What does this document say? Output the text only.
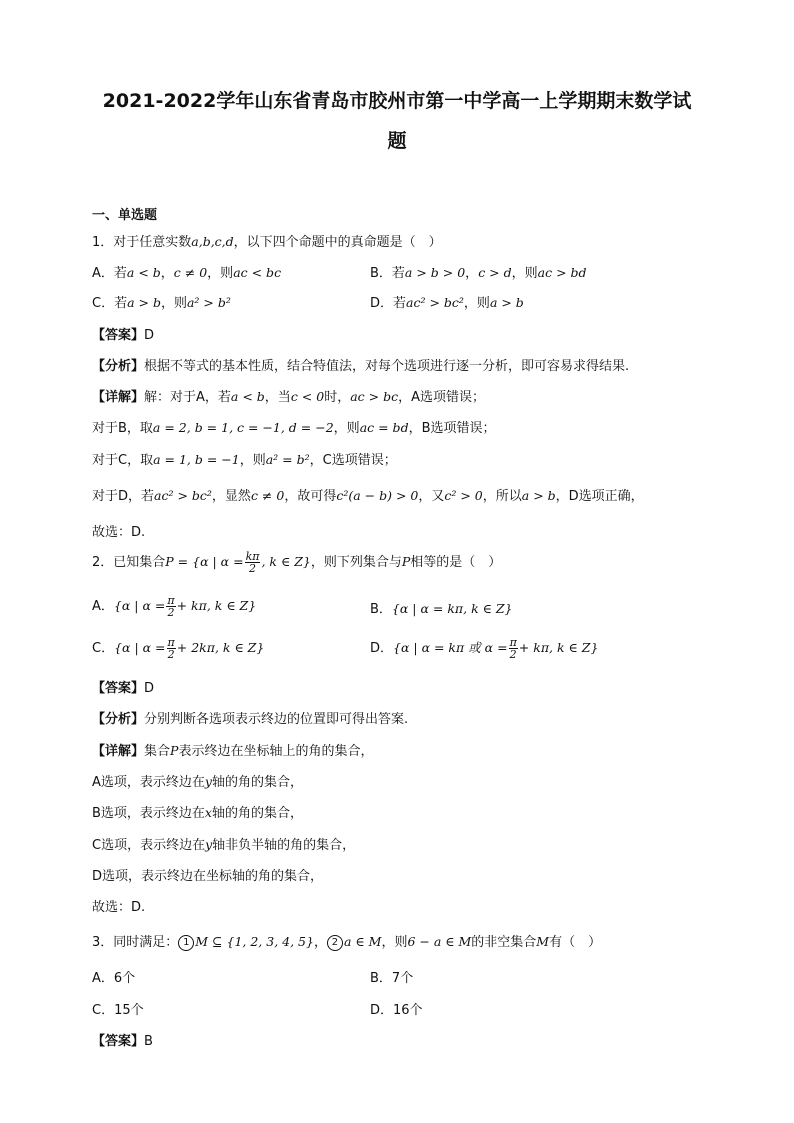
2021-2022学年山东省青岛市胶州市第一中学高一上学期期末数学试
题
一、单选题
1．对于任意实数a,b,c,d，以下四个命题中的真命题是（　）
A．若a < b，c ≠ 0，则ac < bc	B．若a > b > 0，c > d，则ac > bd
C．若a > b，则a² > b²	D．若ac² > bc²，则a > b
【答案】D
【分析】根据不等式的基本性质，结合特值法，对每个选项进行逐一分析，即可容易求得结果.
【详解】解：对于A，若a < b，当c < 0时，ac > bc，A选项错误；
对于B，取a = 2, b = 1, c = −1, d = −2，则ac = bd，B选项错误；
对于C，取a = 1, b = −1，则a² = b²，C选项错误；
对于D，若ac² > bc²，显然c ≠ 0，故可得c²(a − b) > 0，又c² > 0，所以a > b，D选项正确，
故选：D.
2．已知集合P = {α | $\alpha = \frac{k\pi}{2}$ , k ∈ Z}，则下列集合与P相等的是（　）
A．{α | $\alpha = \frac{\pi}{2} + k\pi$, k ∈ Z}	B．{α | α = kπ, k ∈ Z}
C．{α | $\alpha = \frac{\pi}{2} + 2k\pi$, k ∈ Z}	D．{α | α = kπ 或 $\alpha = \frac{\pi}{2} + k\pi$, k ∈ Z}
【答案】D
【分析】分别判断各选项表示终边的位置即可得出答案.
【详解】集合P表示终边在坐标轴上的角的集合，
A选项，表示终边在y轴的角的集合，
B选项，表示终边在x轴的角的集合，
C选项，表示终边在y轴非负半轴的角的集合，
D选项，表示终边在坐标轴的角的集合，
故选：D.
3．同时满足： 1 M ⊆ {1, 2, 3, 4, 5}， 2 a ∈ M，则6 − a ∈ M的非空集合M有（　）
A．6个	B．7个
C．15个	D．16个
【答案】B
